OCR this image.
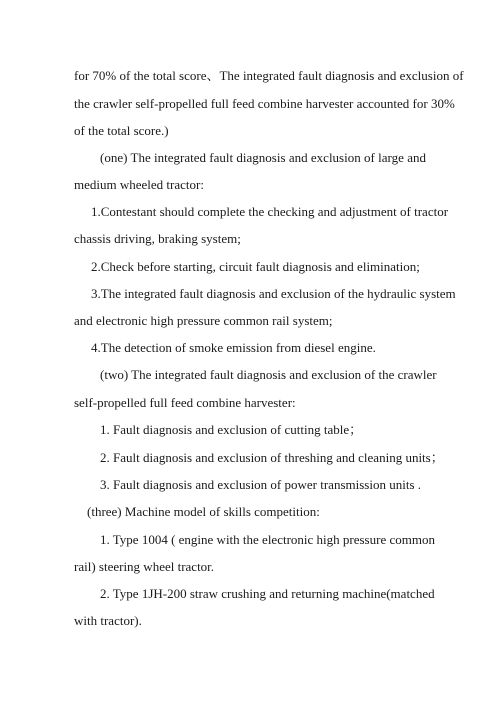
for 70% of the total score、The integrated fault diagnosis and exclusion of
the crawler self-propelled full feed combine harvester accounted for 30%
of the total score.)
(one) The integrated fault diagnosis and exclusion of large and
medium wheeled tractor:
1.Contestant should complete the checking and adjustment of tractor
chassis driving, braking system;
2.Check before starting, circuit fault diagnosis and elimination;
3.The integrated fault diagnosis and exclusion of the hydraulic system
and electronic high pressure common rail system;
4.The detection of smoke emission from diesel engine.
(two) The integrated fault diagnosis and exclusion of the crawler
self-propelled full feed combine harvester:
1. Fault diagnosis and exclusion of cutting table；
2. Fault diagnosis and exclusion of threshing and cleaning units；
3. Fault diagnosis and exclusion of power transmission units .
(three) Machine model of skills competition:
1. Type 1004 ( engine with the electronic high pressure common
rail) steering wheel tractor.
2. Type 1JH-200 straw crushing and returning machine(matched
with tractor).
